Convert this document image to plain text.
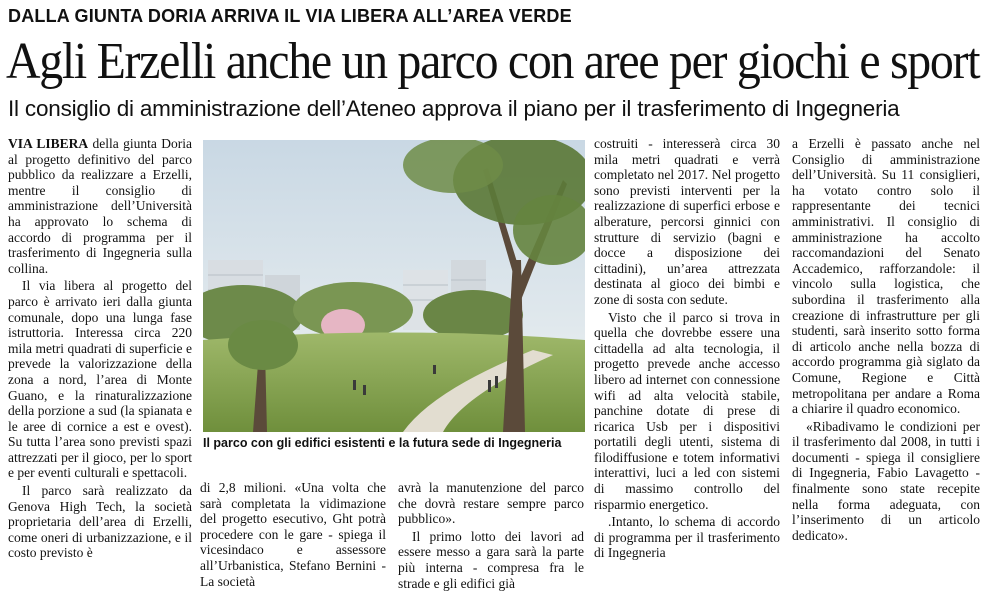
DALLA GIUNTA DORIA ARRIVA IL VIA LIBERA ALL’AREA VERDE
Agli Erzelli anche un parco con aree per giochi e sport
Il consiglio di amministrazione dell’Ateneo approva il piano per il trasferimento di Ingegneria

VIA LIBERA della giunta Doria al progetto definitivo del parco pubblico da realizzare a Erzelli, mentre il consiglio di amministrazione dell’Università ha approvato lo schema di accordo di programma per il trasferimento di Ingegneria sulla collina.

Il via libera al progetto del parco è arrivato ieri dalla giunta comunale, dopo una lunga fase istruttoria. Interessa circa 220 mila metri quadrati di superficie e prevede la valorizzazione della zona a nord, l’area di Monte Guano, e la rinaturalizzazione della porzione a sud (la spianata e le aree di cornice a est e ovest). Su tutta l’area sono previsti spazi attrezzati per il gioco, per lo sport e per eventi culturali e spettacoli.

Il parco sarà realizzato da Genova High Tech, la società proprietaria dell’area di Erzelli, come oneri di urbanizzazione, e il costo previsto è

Il parco con gli edifici esistenti e la futura sede di Ingegneria

di 2,8 milioni. «Una volta che sarà completata la vidimazione del progetto esecutivo, Ght potrà procedere con le gare - spiega il vicesindaco e assessore all’Urbanistica, Stefano Bernini - La società

avrà la manutenzione del parco che dovrà restare sempre parco pubblico».

Il primo lotto dei lavori ad essere messo a gara sarà la parte più interna - compresa fra le strade e gli edifici già

costruiti - interesserà circa 30 mila metri quadrati e verrà completato nel 2017. Nel progetto sono previsti interventi per la realizzazione di superfici erbose e alberature, percorsi ginnici con strutture di servizio (bagni e docce a disposizione dei cittadini), un’area attrezzata destinata al gioco dei bimbi e zone di sosta con sedute.

Visto che il parco si trova in quella che dovrebbe essere una cittadella ad alta tecnologia, il progetto prevede anche accesso libero ad internet con connessione wifi ad alta velocità stabile, panchine dotate di prese di ricarica Usb per i dispositivi portatili degli utenti, sistema di filodiffusione e totem informativi interattivi, luci a led con sistemi di massimo controllo del risparmio energetico.

.Intanto, lo schema di accordo di programma per il trasferimento di Ingegneria

a Erzelli è passato anche nel Consiglio di amministrazione dell’Università. Su 11 consiglieri, ha votato contro solo il rappresentante dei tecnici amministrativi. Il consiglio di amministrazione ha accolto raccomandazioni del Senato Accademico, rafforzandole: il vincolo sulla logistica, che subordina il trasferimento alla creazione di infrastrutture per gli studenti, sarà inserito sotto forma di articolo anche nella bozza di accordo programma già siglato da Comune, Regione e Città metropolitana per andare a Roma a chiarire il quadro economico.

«Ribadivamo le condizioni per il trasferimento dal 2008, in tutti i documenti - spiega il consigliere di Ingegneria, Fabio Lavagetto - finalmente sono state recepite nella forma adeguata, con l’inserimento di un articolo dedicato».
